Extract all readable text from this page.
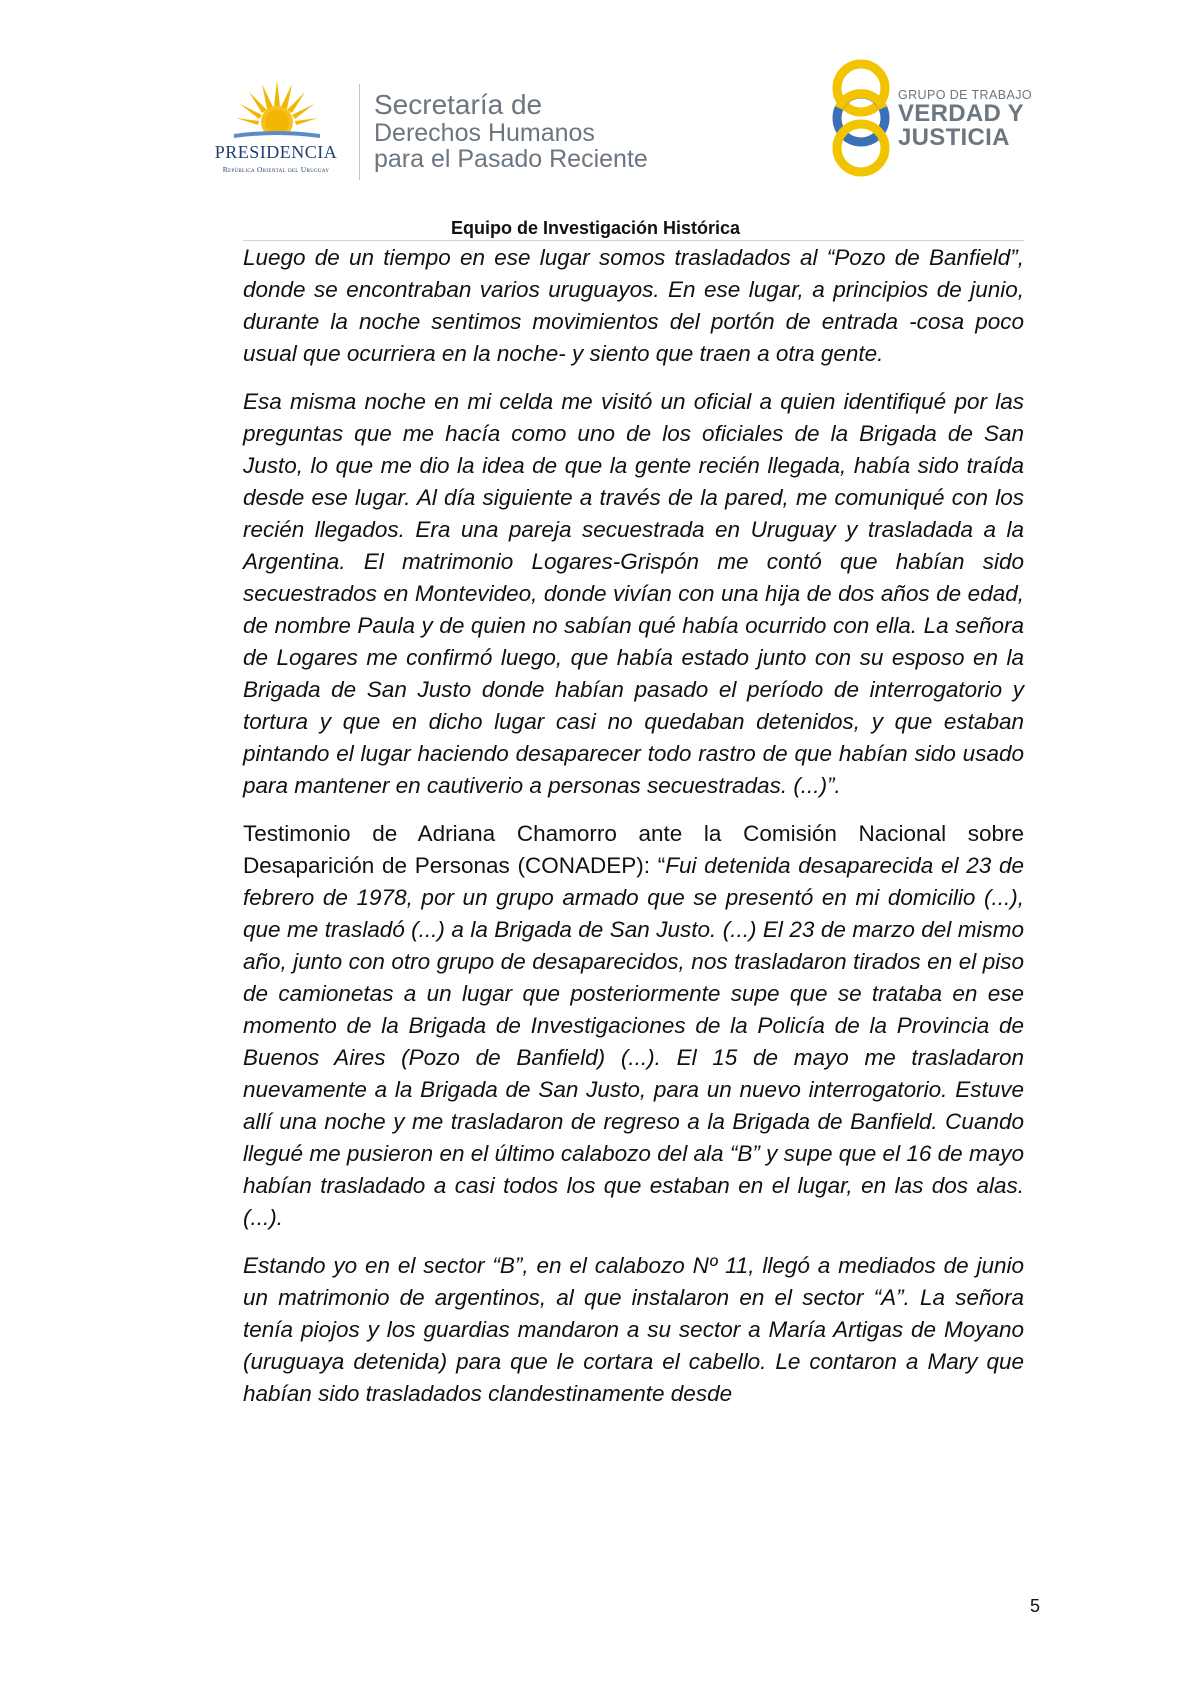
PRESIDENCIA
República Oriental del Uruguay
Secretaría de
Derechos Humanos
para el Pasado Reciente
GRUPO DE TRABAJO
VERDAD Y
JUSTICIA
Equipo de Investigación Histórica

Luego de un tiempo en ese lugar somos trasladados al “Pozo de Banfield”, donde se encontraban varios uruguayos. En ese lugar, a principios de junio, durante la noche sentimos movimientos del portón de entrada -cosa poco usual que ocurriera en la noche- y siento que traen a otra gente.

Esa misma noche en mi celda me visitó un oficial a quien identifiqué por las preguntas que me hacía como uno de los oficiales de la Brigada de San Justo, lo que me dio la idea de que la gente recién llegada, había sido traída desde ese lugar. Al día siguiente a través de la pared, me comuniqué con los recién llegados. Era una pareja secuestrada en Uruguay y trasladada a la Argentina. El matrimonio Logares-Grispón me contó que habían sido secuestrados en Montevideo, donde vivían con una hija de dos años de edad, de nombre Paula y de quien no sabían qué había ocurrido con ella. La señora de Logares me confirmó luego, que había estado junto con su esposo en la Brigada de San Justo donde habían pasado el período de interrogatorio y tortura y que en dicho lugar casi no quedaban detenidos, y que estaban pintando el lugar haciendo desaparecer todo rastro de que habían sido usado para mantener en cautiverio a personas secuestradas. (...)”.

Testimonio de Adriana Chamorro ante la Comisión Nacional sobre Desaparición de Personas (CONADEP): “Fui detenida desaparecida el 23 de febrero de 1978, por un grupo armado que se presentó en mi domicilio (...), que me trasladó (...) a la Brigada de San Justo. (...) El 23 de marzo del mismo año, junto con otro grupo de desaparecidos, nos trasladaron tirados en el piso de camionetas a un lugar que posteriormente supe que se trataba en ese momento de la Brigada de Investigaciones de la Policía de la Provincia de Buenos Aires (Pozo de Banfield) (...). El 15 de mayo me trasladaron nuevamente a la Brigada de San Justo, para un nuevo interrogatorio. Estuve allí una noche y me trasladaron de regreso a la Brigada de Banfield. Cuando llegué me pusieron en el último calabozo del ala “B” y supe que el 16 de mayo habían trasladado a casi todos los que estaban en el lugar, en las dos alas. (...).

Estando yo en el sector “B”, en el calabozo Nº 11, llegó a mediados de junio un matrimonio de argentinos, al que instalaron en el sector “A”. La señora tenía piojos y los guardias mandaron a su sector a María Artigas de Moyano (uruguaya detenida) para que le cortara el cabello. Le contaron a Mary que habían sido trasladados clandestinamente desde

5
